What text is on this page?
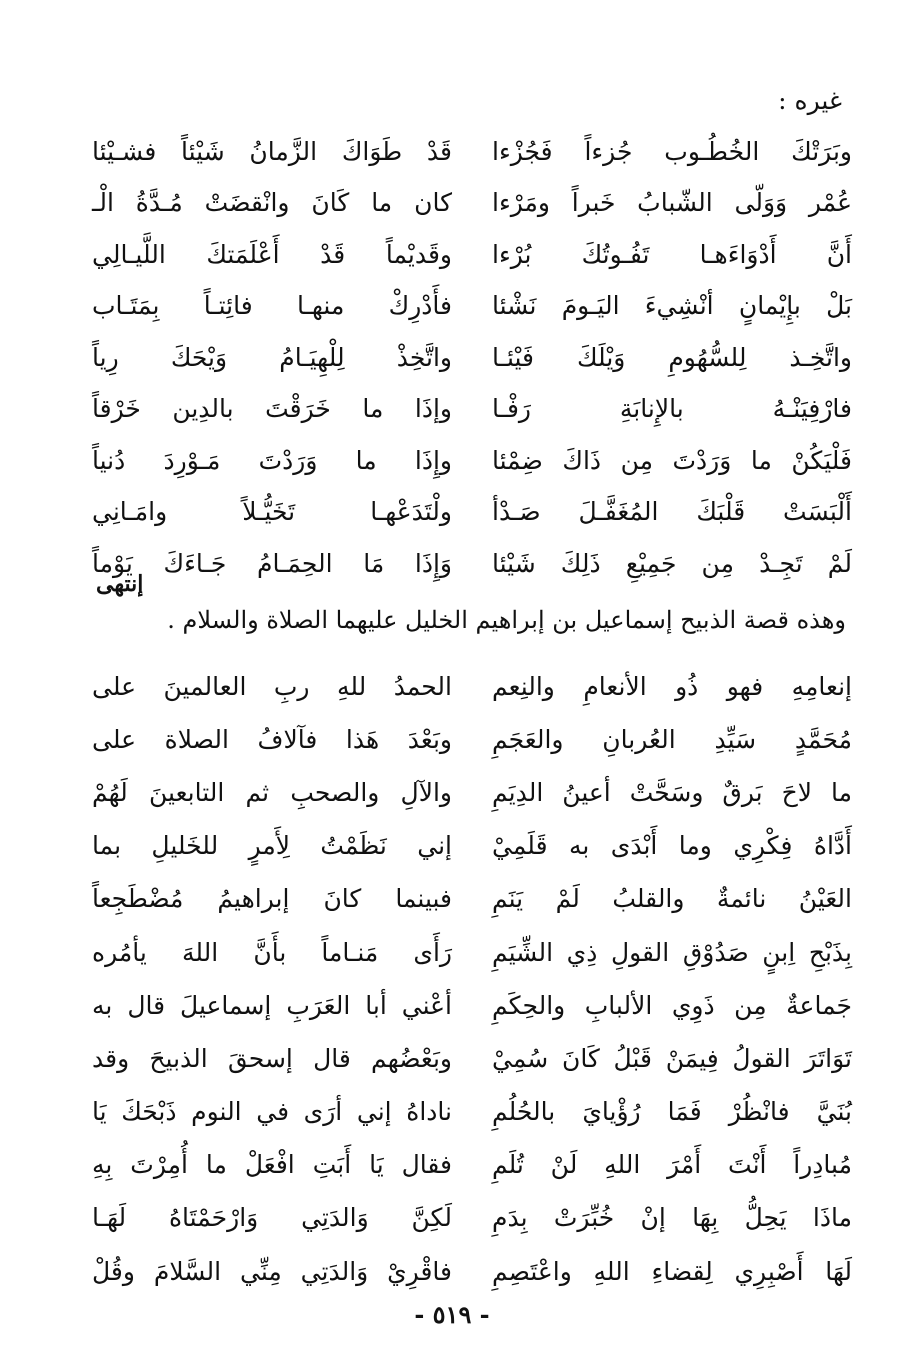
غيره :
قَدْ طَوَاكَ الزَّمانُ شَيْئاً فشـيْئا وبَرَتْكَ الخُطُـوب جُزءاً فَجُزْءا
كان ما كَانَ وانْقضَتْ مُـدَّةُ الْـ عُمْر وَوَلّى الشّبابُ خَبراً ومَرْءا
وقَديْماً قَدْ أَعْلَمَتكَ اللَّيـالِي أَنَّ أَدْوَاءَهـا تَفُـوتُكَ بُرْءا
فأَدْرِكْ منهـا فائِتـاً بِمَتَـاب بَلْ بإِيْمانٍ أنْشِيءَ اليَـومَ نَشْئا
واتَّخِذْ لِلْهِيَـامُ وَيْحَكَ رِياً واتَّخِـذ لِلسُّهُومِ وَيْلَكَ فَيْئـا
وإذَا ما خَرَقْتَ بالدِين خَرْقاً فارْفِيَنْـهُ بالإِنابَةِ رَفْـا
وإِذَا ما وَرَدْتَ مَـوْرِدَ دُنياً فَلْيَكُنْ ما وَرَدْتَ مِن ذَاكَ ضِمْئا
ولْتَدَعْهـا تَخَيُّـلاً وامَـانِي أَلْبَسَتْ قَلْبَكَ المُغَفَّـلَ صَـدْأ
وَإِذَا مَا الحِمَـامُ جَـاءَكَ يَوْماً لَمْ تَجِـدْ مِن جَمِيْعِ ذَلِكَ شَيْئا
إنتهى
وهذه قصة الذبيح إسماعيل بن إبراهيم الخليل عليهما الصلاة والسلام .
الحمدُ للهِ ربِ العالمينَ على إنعامِهِ فهو ذُو الأنعامِ والنِعم
وبَعْدَ هَذا فآلافُ الصلاة على مُحَمَّدٍ سَيِّدِ العُربانِ والعَجَمِ
والآلِ والصحبِ ثم التابعينَ لَهُمْ ما لاحَ بَرقٌ وسَحَّتْ أعينُ الدِيَمِ
إني نَظَمْتُ لِأَمرٍ للخَليلِ بما أَدَّاهُ فِكْرِي وما أَبْدَى به قَلَمِيْ
فبينما كانَ إبراهيمُ مُضْطَجِعاً العَيْنُ نائمةٌ والقلبُ لَمْ يَنَمِ
رَأَى مَنـاماً بأَنَّ اللهَ يأمُره بِذَبْحِ اِبنٍ صَدُوْقِ القولِ ذِي الشِّيَمِ
أعْني أبا العَرَبِ إسماعيلَ قال به جَماعةٌ مِن ذَوِي الألبابِ والحِكَمِ
وبَعْضُهم قال إسحقَ الذبيحَ وقد تَوَاتَرَ القولُ فِيمَنْ قَبْلُ كَانَ سُمِيْ
ناداهُ إني أرَى في النوم ذَبْحَكَ يَا بُنَيَّ فانْظُرْ فَمَا رُؤْيايَ بالحُلُمِ
فقال يَا أَبَتِ افْعَلْ ما أُمِرْتَ بِهِ مُبادِراً أَنْتَ أَمْرَ اللهِ لَنْ تُلَمِ
لَكِنَّ وَالدَتِي وَارْحَمْتَاهُ لَهَـا ماذَا يَحِلُّ بِهَا إنْ خُبِّرَتْ بِدَمِ
فاقْرِيْ وَالدَتِي مِنِّي السَّلامَ وقُلْ لَهَا أَصْبِرِي لِقضاءِ اللهِ واعْتَصِمِ
- ٥١٩ -
